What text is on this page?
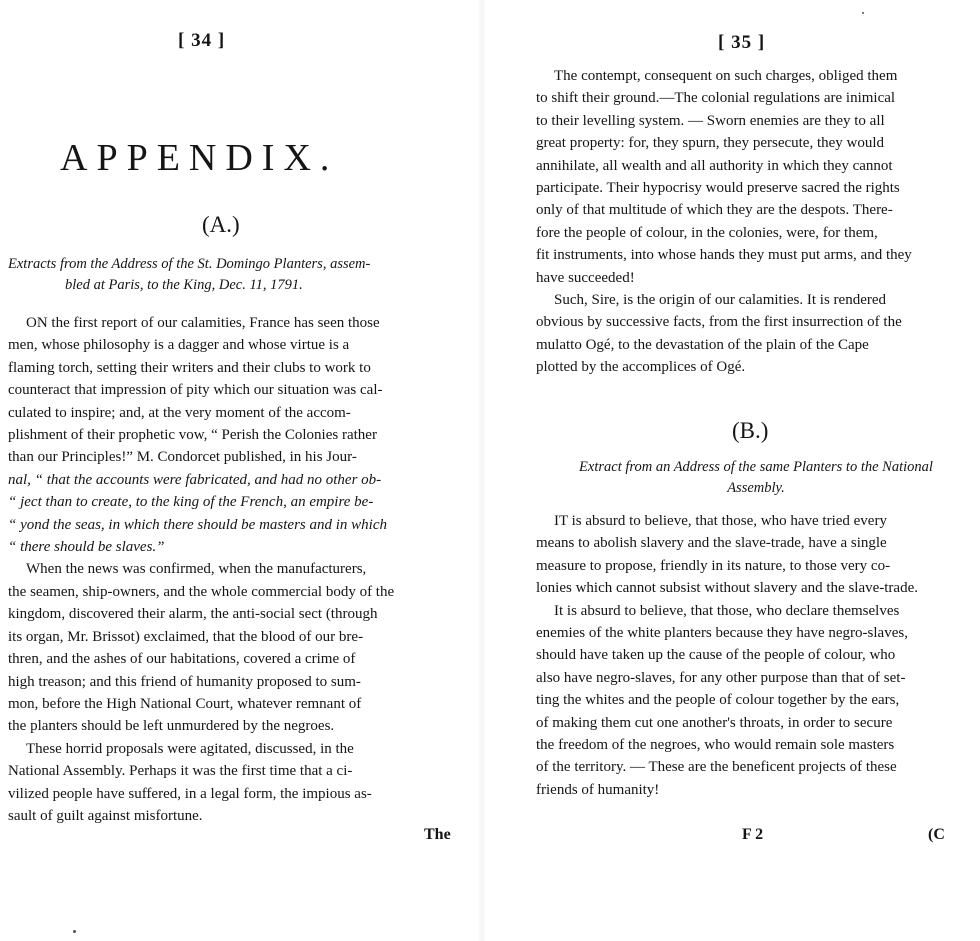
[ 34 ]
APPENDIX.
(A.)
Extracts from the Address of the St. Domingo Planters, assem-
bled at Paris, to the King, Dec. 11, 1791.
ON the first report of our calamities, France has seen those
men, whose philosophy is a dagger and whose virtue is a
flaming torch, setting their writers and their clubs to work to
counteract that impression of pity which our situation was cal-
culated to inspire; and, at the very moment of the accom-
plishment of their prophetic vow, “ Perish the Colonies rather
than our Principles!” M. Condorcet published, in his Jour-
nal, “ that the accounts were fabricated, and had no other ob-
“ ject than to create, to the king of the French, an empire be-
“ yond the seas, in which there should be masters and in which
“ there should be slaves.”
When the news was confirmed, when the manufacturers,
the seamen, ship-owners, and the whole commercial body of the
kingdom, discovered their alarm, the anti-social sect (through
its organ, Mr. Brissot) exclaimed, that the blood of our bre-
thren, and the ashes of our habitations, covered a crime of
high treason; and this friend of humanity proposed to sum-
mon, before the High National Court, whatever remnant of
the planters should be left unmurdered by the negroes.
These horrid proposals were agitated, discussed, in the
National Assembly. Perhaps it was the first time that a ci-
vilized people have suffered, in a legal form, the impious as-
sault of guilt against misfortune.
The
[ 35 ]
The contempt, consequent on such charges, obliged them
to shift their ground.—The colonial regulations are inimical
to their levelling system. — Sworn enemies are they to all
great property: for, they spurn, they persecute, they would
annihilate, all wealth and all authority in which they cannot
participate. Their hypocrisy would preserve sacred the rights
only of that multitude of which they are the despots. There-
fore the people of colour, in the colonies, were, for them,
fit instruments, into whose hands they must put arms, and they
have succeeded!
Such, Sire, is the origin of our calamities. It is rendered
obvious by successive facts, from the first insurrection of the
mulatto Ogé, to the devastation of the plain of the Cape
plotted by the accomplices of Ogé.
(B.)
Extract from an Address of the same Planters to the National
Assembly.
IT is absurd to believe, that those, who have tried every
means to abolish slavery and the slave-trade, have a single
measure to propose, friendly in its nature, to those very co-
lonies which cannot subsist without slavery and the slave-trade.
It is absurd to believe, that those, who declare themselves
enemies of the white planters because they have negro-slaves,
should have taken up the cause of the people of colour, who
also have negro-slaves, for any other purpose than that of set-
ting the whites and the people of colour together by the ears,
of making them cut one another's throats, in order to secure
the freedom of the negroes, who would remain sole masters
of the territory. — These are the beneficent projects of these
friends of humanity!
F 2	(C
